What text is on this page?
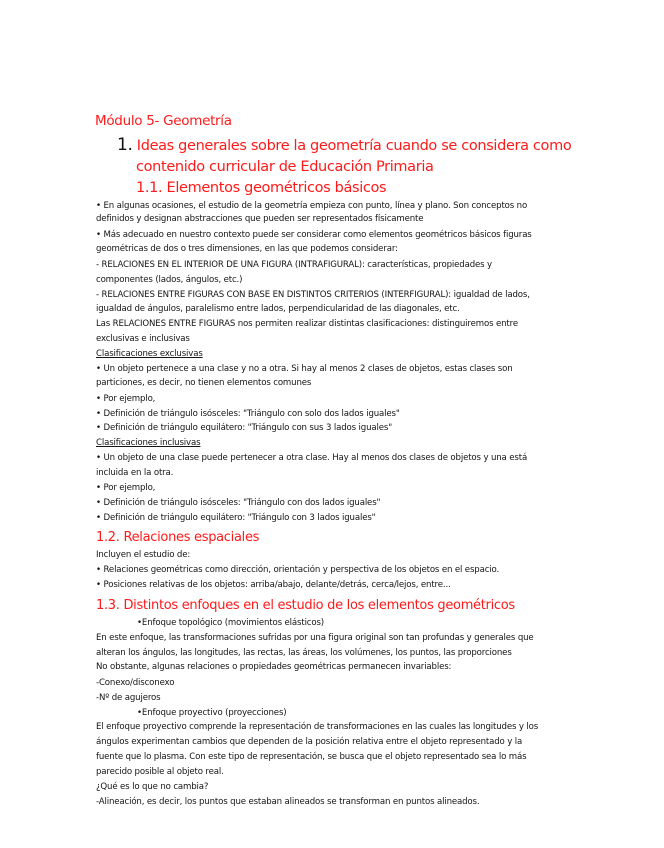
Módulo 5- Geometría
1. Ideas generales sobre la geometría cuando se considera como
contenido curricular de Educación Primaria
1.1. Elementos geométricos básicos
• En algunas ocasiones, el estudio de la geometría empieza con punto, línea y plano. Son conceptos no
definidos y designan abstracciones que pueden ser representados físicamente
• Más adecuado en nuestro contexto puede ser considerar como elementos geométricos básicos figuras
geométricas de dos o tres dimensiones, en las que podemos considerar:
- RELACIONES EN EL INTERIOR DE UNA FIGURA (INTRAFIGURAL): características, propiedades y
componentes (lados, ángulos, etc.)
- RELACIONES ENTRE FIGURAS CON BASE EN DISTINTOS CRITERIOS (INTERFIGURAL): igualdad de lados,
igualdad de ángulos, paralelismo entre lados, perpendicularidad de las diagonales, etc.
Las RELACIONES ENTRE FIGURAS nos permiten realizar distintas clasificaciones: distinguiremos entre
exclusivas e inclusivas
Clasificaciones exclusivas
• Un objeto pertenece a una clase y no a otra. Si hay al menos 2 clases de objetos, estas clases son
particiones, es decir, no tienen elementos comunes
• Por ejemplo,
• Definición de triángulo isósceles: "Triángulo con solo dos lados iguales"
• Definición de triángulo equilátero: "Triángulo con sus 3 lados iguales"
Clasificaciones inclusivas
• Un objeto de una clase puede pertenecer a otra clase. Hay al menos dos clases de objetos y una está
incluida en la otra.
• Por ejemplo,
• Definición de triángulo isósceles: "Triángulo con dos lados iguales"
• Definición de triángulo equilátero: "Triángulo con 3 lados iguales"
1.2. Relaciones espaciales
Incluyen el estudio de:
• Relaciones geométricas como dirección, orientación y perspectiva de los objetos en el espacio.
• Posiciones relativas de los objetos: arriba/abajo, delante/detrás, cerca/lejos, entre...
1.3. Distintos enfoques en el estudio de los elementos geométricos
•Enfoque topológico (movimientos elásticos)
En este enfoque, las transformaciones sufridas por una figura original son tan profundas y generales que
alteran los ángulos, las longitudes, las rectas, las áreas, los volúmenes, los puntos, las proporciones
No obstante, algunas relaciones o propiedades geométricas permanecen invariables:
-Conexo/disconexo
-Nº de agujeros
•Enfoque proyectivo (proyecciones)
El enfoque proyectivo comprende la representación de transformaciones en las cuales las longitudes y los
ángulos experimentan cambios que dependen de la posición relativa entre el objeto representado y la
fuente que lo plasma. Con este tipo de representación, se busca que el objeto representado sea lo más
parecido posible al objeto real.
¿Qué es lo que no cambia?
-Alineación, es decir, los puntos que estaban alineados se transforman en puntos alineados.
